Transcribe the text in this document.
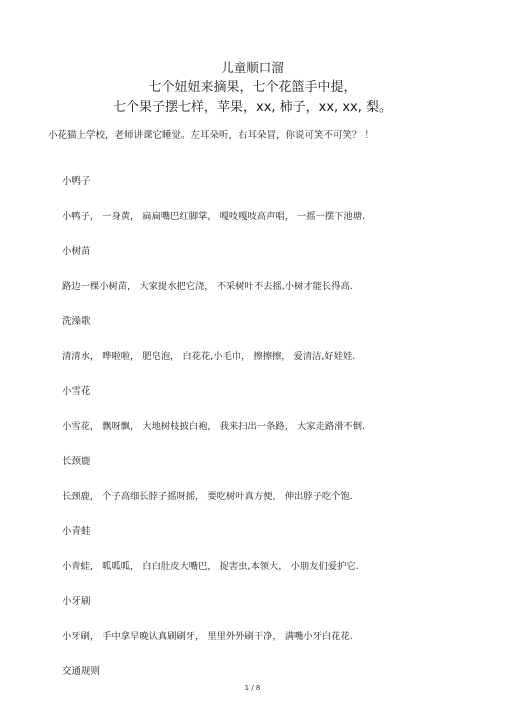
儿童顺口溜
七个妞妞来摘果，七个花篮手中提，
七个果子摆七样，苹果，xx, 柿子，xx, xx, 梨。
小花猫上学校，老师讲课它睡觉。左耳朵听，右耳朵冒，你说可笑不可笑？ ！
小鸭子
小鸭子， 一身黄， 扁扁嘴巴红脚掌， 嘎吱嘎吱高声唱， 一摇一摆下池塘.
小树苗
路边一棵小树苗， 大家提水把它浇， 不采树叶不去摇,小树才能长得高.
洗澡歌
清清水， 哗啦啦， 肥皂泡， 白花花,小毛巾， 擦擦擦， 爱清洁,好娃娃.
小雪花
小雪花， 飘呀飘， 大地树枝披白袍， 我来扫出一条路， 大家走路滑不倒.
长颈鹿
长颈鹿， 个子高细长脖子摇呀摇， 要吃树叶真方便， 伸出脖子吃个饱.
小青蛙
小青蛙， 呱呱呱， 白白肚皮大嘴巴， 捉害虫,本领大， 小朋友们爱护它.
小牙刷
小牙刷， 手中拿早晚认真刷刷牙， 里里外外刷干净， 满嘴小牙白花花.
交通规则
1 / 8
